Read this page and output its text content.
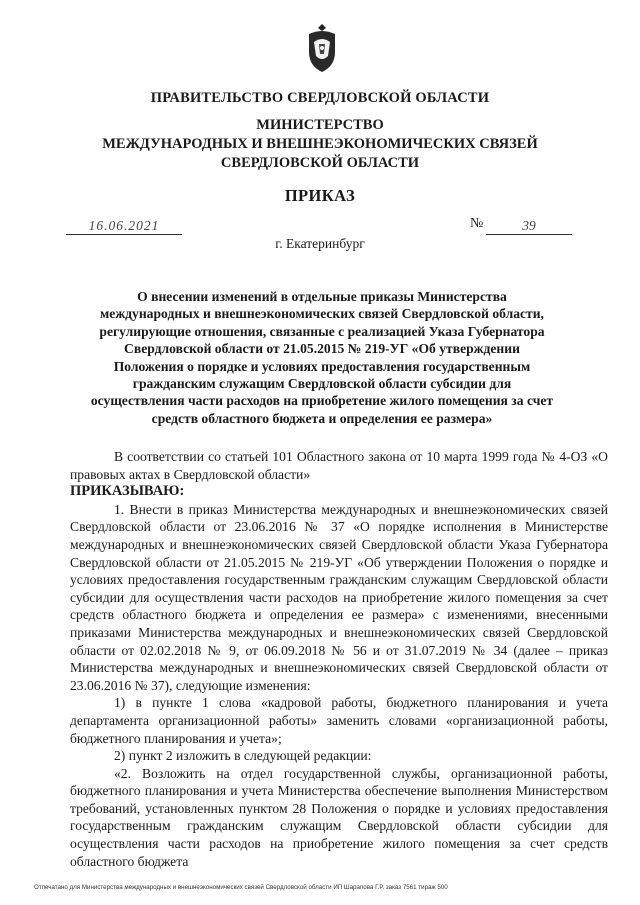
ПРАВИТЕЛЬСТВО СВЕРДЛОВСКОЙ ОБЛАСТИ
МИНИСТЕРСТВО
МЕЖДУНАРОДНЫХ И ВНЕШНЕЭКОНОМИЧЕСКИХ СВЯЗЕЙ
СВЕРДЛОВСКОЙ ОБЛАСТИ
ПРИКАЗ
16.06.2021	№	39
г. Екатеринбург
О внесении изменений в отдельные приказы Министерства международных и внешнеэкономических связей Свердловской области, регулирующие отношения, связанные с реализацией Указа Губернатора Свердловской области от 21.05.2015 № 219-УГ «Об утверждении Положения о порядке и условиях предоставления государственным гражданским служащим Свердловской области субсидии для осуществления части расходов на приобретение жилого помещения за счет средств областного бюджета и определения ее размера»

В соответствии со статьей 101 Областного закона от 10 марта 1999 года № 4-ОЗ «О правовых актах в Свердловской области»

ПРИКАЗЫВАЮ:

1. Внести в приказ Министерства международных и внешнеэкономических связей Свердловской области от 23.06.2016 № 37 «О порядке исполнения в Министерстве международных и внешнеэкономических связей Свердловской области Указа Губернатора Свердловской области от 21.05.2015 № 219-УГ «Об утверждении Положения о порядке и условиях предоставления государственным гражданским служащим Свердловской области субсидии для осуществления части расходов на приобретение жилого помещения за счет средств областного бюджета и определения ее размера» с изменениями, внесенными приказами Министерства международных и внешнеэкономических связей Свердловской области от 02.02.2018 № 9, от 06.09.2018 № 56 и от 31.07.2019 № 34 (далее – приказ Министерства международных и внешнеэкономических связей Свердловской области от 23.06.2016 № 37), следующие изменения:

1) в пункте 1 слова «кадровой работы, бюджетного планирования и учета департамента организационной работы» заменить словами «организационной работы, бюджетного планирования и учета»;

2) пункт 2 изложить в следующей редакции:

«2. Возложить на отдел государственной службы, организационной работы, бюджетного планирования и учета Министерства обеспечение выполнения Министерством требований, установленных пунктом 28 Положения о порядке и условиях предоставления государственным гражданским служащим Свердловской области субсидии для осуществления части расходов на приобретение жилого помещения за счет средств областного бюджета

Отпечатано для Министерства международных и внешнеэкономических связей Свердловской области ИП Шарапова Г.Р. заказ 7561 тираж 500
